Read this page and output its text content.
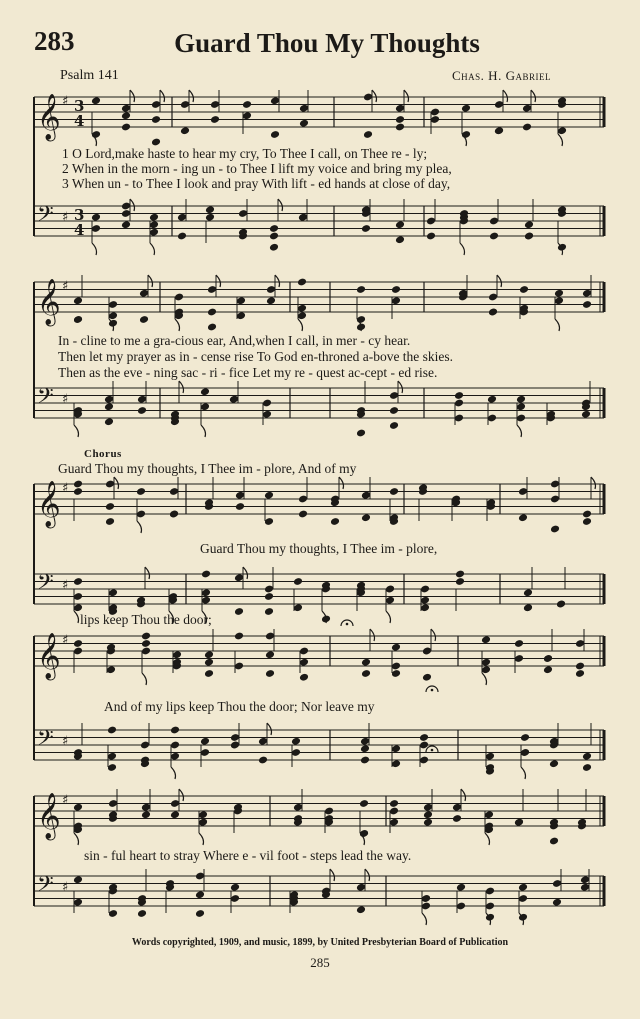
283	Guard Thou My Thoughts
Psalm 141	Chas. H. Gabriel
𝄞 ♯ 3
4
𝄢 ♯ 3
4
𝄞 ♯
𝄢 ♯
𝄞 ♯
𝄢 ♯
𝄞 ♯
𝄢 ♯
𝄞 ♯
𝄢 ♯
1 O Lord,make haste to hear my cry, To Thee I call, on Thee re - ly;
2 When in the morn - ing un - to Thee I lift my voice and bring my plea,
3 When un - to Thee I look and pray With lift - ed hands at close of day,
In - cline to me a gra-cious ear, And,when I call, in mer - cy hear.
Then let my prayer as in - cense rise To God en-throned a-bove the skies.
Then as the eve - ning sac - ri - fice Let my re - quest ac-cept - ed rise.
Chorus
Guard Thou my thoughts, I Thee im - plore, And of my
Guard Thou my thoughts, I Thee im - plore,
lips keep Thou the door;
And of my lips keep Thou the door; Nor leave my
sin - ful heart to stray Where e - vil foot - steps lead the way.
Words copyrighted, 1909, and music, 1899, by United Presbyterian Board of Publication
285
